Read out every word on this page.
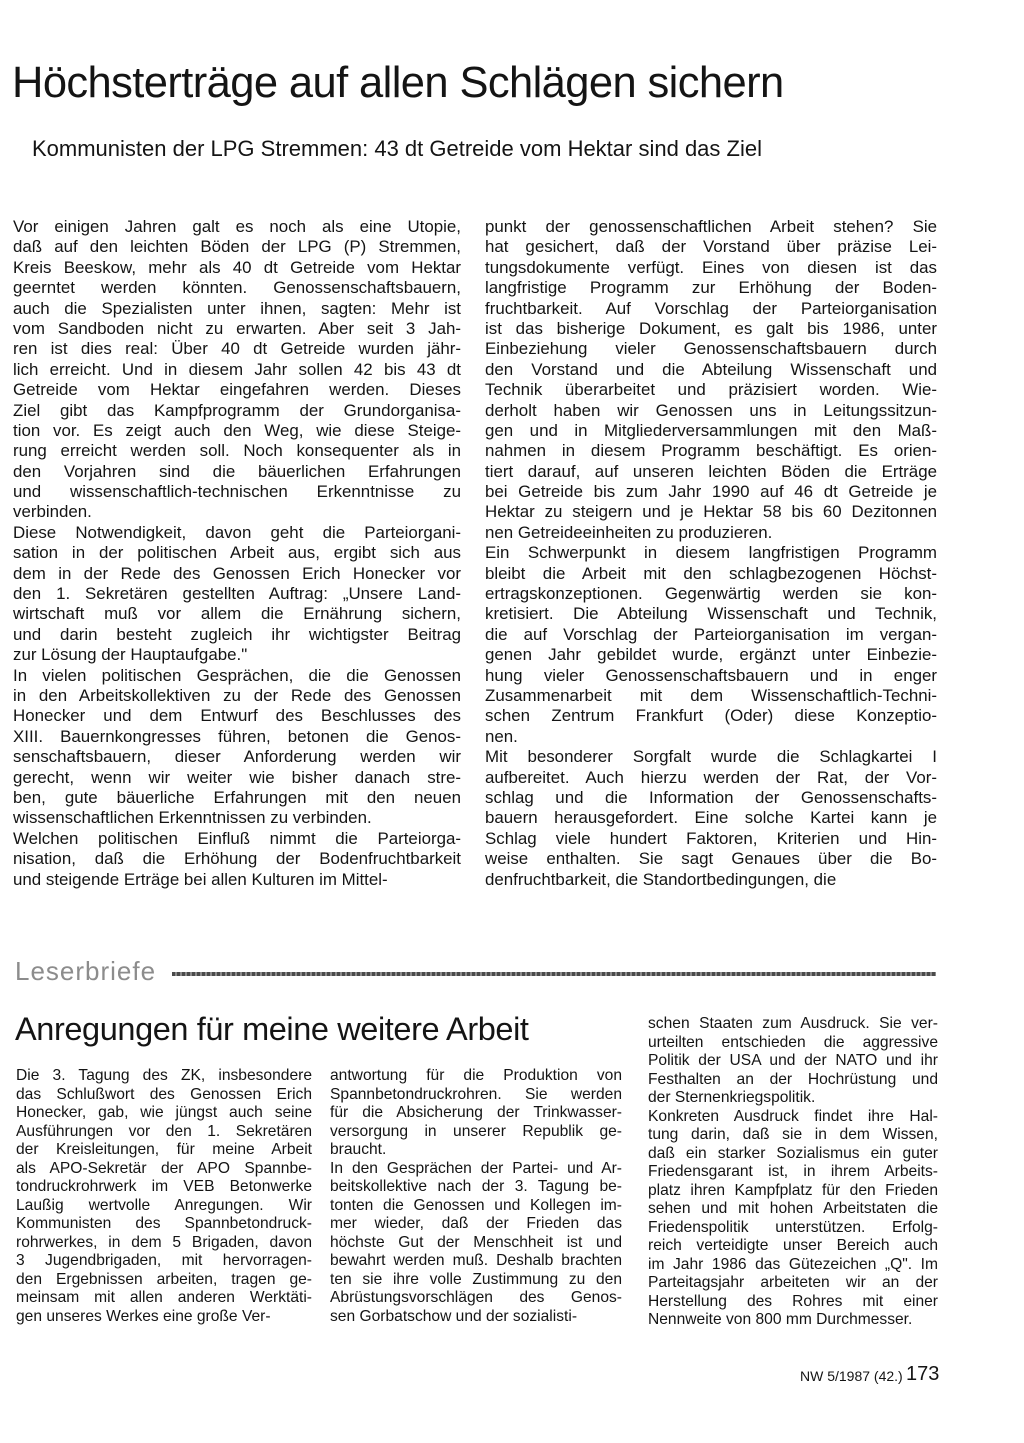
Höchsterträge auf allen Schlägen sichern
Kommunisten der LPG Stremmen: 43 dt Getreide vom Hektar sind das Ziel
Vor einigen Jahren galt es noch als eine Utopie,
daß auf den leichten Böden der LPG (P) Stremmen,
Kreis Beeskow, mehr als 40 dt Getreide vom Hektar
geerntet werden könnten. Genossenschaftsbauern,
auch die Spezialisten unter ihnen, sagten: Mehr ist
vom Sandboden nicht zu erwarten. Aber seit 3 Jah-
ren ist dies real: Über 40 dt Getreide wurden jähr-
lich erreicht. Und in diesem Jahr sollen 42 bis 43 dt
Getreide vom Hektar eingefahren werden. Dieses
Ziel gibt das Kampfprogramm der Grundorganisa-
tion vor. Es zeigt auch den Weg, wie diese Steige-
rung erreicht werden soll. Noch konsequenter als in
den Vorjahren sind die bäuerlichen Erfahrungen
und wissenschaftlich-technischen Erkenntnisse zu
verbinden.
Diese Notwendigkeit, davon geht die Parteiorgani-
sation in der politischen Arbeit aus, ergibt sich aus
dem in der Rede des Genossen Erich Honecker vor
den 1. Sekretären gestellten Auftrag: „Unsere Land-
wirtschaft muß vor allem die Ernährung sichern,
und darin besteht zugleich ihr wichtigster Beitrag
zur Lösung der Hauptaufgabe."
In vielen politischen Gesprächen, die die Genossen
in den Arbeitskollektiven zu der Rede des Genossen
Honecker und dem Entwurf des Beschlusses des
XIII. Bauernkongresses führen, betonen die Genos-
senschaftsbauern, dieser Anforderung werden wir
gerecht, wenn wir weiter wie bisher danach stre-
ben, gute bäuerliche Erfahrungen mit den neuen
wissenschaftlichen Erkenntnissen zu verbinden.
Welchen politischen Einfluß nimmt die Parteiorga-
nisation, daß die Erhöhung der Bodenfruchtbarkeit
und steigende Erträge bei allen Kulturen im Mittel-
punkt der genossenschaftlichen Arbeit stehen? Sie
hat gesichert, daß der Vorstand über präzise Lei-
tungsdokumente verfügt. Eines von diesen ist das
langfristige Programm zur Erhöhung der Boden-
fruchtbarkeit. Auf Vorschlag der Parteiorganisation
ist das bisherige Dokument, es galt bis 1986, unter
Einbeziehung vieler Genossenschaftsbauern durch
den Vorstand und die Abteilung Wissenschaft und
Technik überarbeitet und präzisiert worden. Wie-
derholt haben wir Genossen uns in Leitungssitzun-
gen und in Mitgliederversammlungen mit den Maß-
nahmen in diesem Programm beschäftigt. Es orien-
tiert darauf, auf unseren leichten Böden die Erträge
bei Getreide bis zum Jahr 1990 auf 46 dt Getreide je
Hektar zu steigern und je Hektar 58 bis 60 Dezitonnen
nen Getreideeinheiten zu produzieren.
Ein Schwerpunkt in diesem langfristigen Programm
bleibt die Arbeit mit den schlagbezogenen Höchst-
ertragskonzeptionen. Gegenwärtig werden sie kon-
kretisiert. Die Abteilung Wissenschaft und Technik,
die auf Vorschlag der Parteiorganisation im vergan-
genen Jahr gebildet wurde, ergänzt unter Einbezie-
hung vieler Genossenschaftsbauern und in enger
Zusammenarbeit mit dem Wissenschaftlich-Techni-
schen Zentrum Frankfurt (Oder) diese Konzeptio-
nen.
Mit besonderer Sorgfalt wurde die Schlagkartei I
aufbereitet. Auch hierzu werden der Rat, der Vor-
schlag und die Information der Genossenschafts-
bauern herausgefordert. Eine solche Kartei kann je
Schlag viele hundert Faktoren, Kriterien und Hin-
weise enthalten. Sie sagt Genaues über die Bo-
denfruchtbarkeit, die Standortbedingungen, die
Leserbriefe
Anregungen für meine weitere Arbeit
Die 3. Tagung des ZK, insbesondere
das Schlußwort des Genossen Erich
Honecker, gab, wie jüngst auch seine
Ausführungen vor den 1. Sekretären
der Kreisleitungen, für meine Arbeit
als APO-Sekretär der APO Spannbe-
tondruckrohrwerk im VEB Betonwerke
Laußig wertvolle Anregungen. Wir
Kommunisten des Spannbetondruck-
rohrwerkes, in dem 5 Brigaden, davon
3 Jugendbrigaden, mit hervorragen-
den Ergebnissen arbeiten, tragen ge-
meinsam mit allen anderen Werktäti-
gen unseres Werkes eine große Ver-
antwortung für die Produktion von
Spannbetondruckrohren. Sie werden
für die Absicherung der Trinkwasser-
versorgung in unserer Republik ge-
braucht.
In den Gesprächen der Partei- und Ar-
beitskollektive nach der 3. Tagung be-
tonten die Genossen und Kollegen im-
mer wieder, daß der Frieden das
höchste Gut der Menschheit ist und
bewahrt werden muß. Deshalb brachten
ten sie ihre volle Zustimmung zu den
Abrüstungsvorschlägen des Genos-
sen Gorbatschow und der sozialisti-
schen Staaten zum Ausdruck. Sie ver-
urteilten entschieden die aggressive
Politik der USA und der NATO und ihr
Festhalten an der Hochrüstung und
der Sternenkriegspolitik.
Konkreten Ausdruck findet ihre Hal-
tung darin, daß sie in dem Wissen,
daß ein starker Sozialismus ein guter
Friedensgarant ist, in ihrem Arbeits-
platz ihren Kampfplatz für den Frieden
sehen und mit hohen Arbeitstaten die
Friedenspolitik unterstützen. Erfolg-
reich verteidigte unser Bereich auch
im Jahr 1986 das Gütezeichen „Q". Im
Parteitagsjahr arbeiteten wir an der
Herstellung des Rohres mit einer
Nennweite von 800 mm Durchmesser.
NW 5/1987 (42.) 173
